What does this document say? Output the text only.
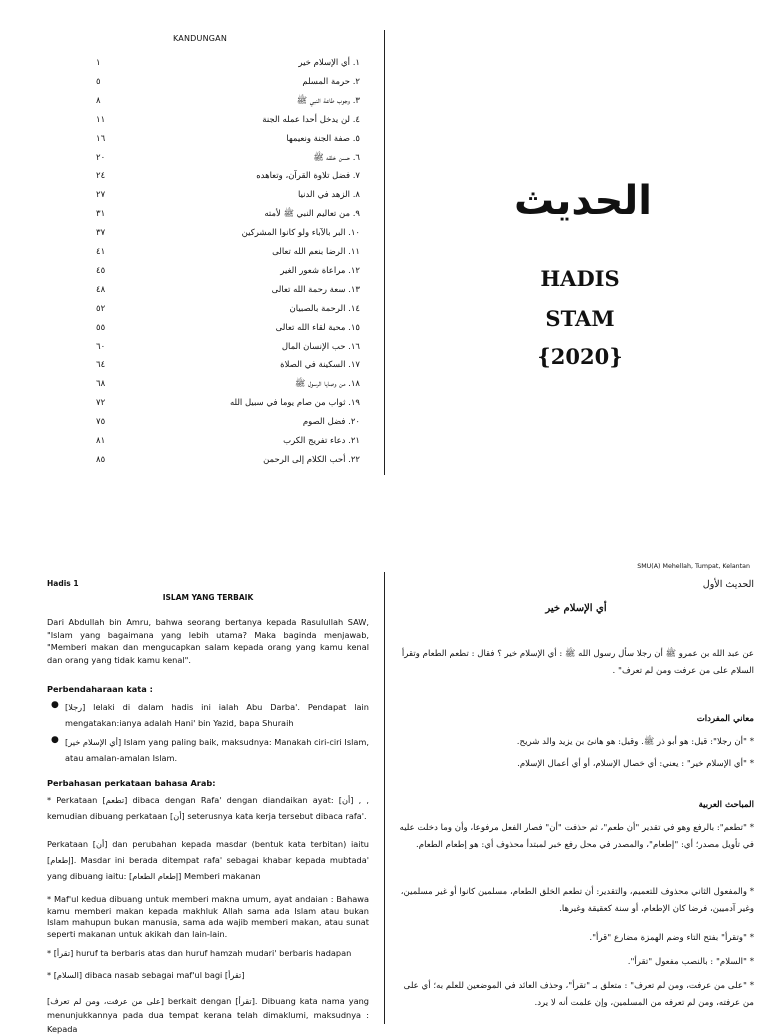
KANDUNGAN
١	١. أي الإسلام خير
٥	٢. حرمة المسلم
٨	٣. وجوب طاعة النبي ﷺ
١١	٤. لن يدخل أحدا عمله الجنة
١٦	٥. صفة الجنة ونعيمها
٢٠	٦. حسن خلقه ﷺ
٢٤	٧. فضل تلاوة القرآن، وتعاهده
٢٧	٨. الزهد في الدنيا
٣١	٩. من تعاليم النبي ﷺ لأمته
٣٧	١٠. البر بالآباء ولو كانوا المشركين
٤١	١١. الرضا بنعم الله تعالى
٤٥	١٢. مراعاة شعور الغير
٤٨	١٣. سعة رحمة الله تعالى
٥٢	١٤. الرحمة بالصبيان
٥٥	١٥. محبة لقاء الله تعالى
٦٠	١٦. حب الإنسان المال
٦٤	١٧. السكينة في الصلاة
٦٨	١٨. من وصايا الرسول ﷺ
٧٢	١٩. ثواب من صام يوما في سبيل الله
٧٥	٢٠. فضل الصوم
٨١	٢١. دعاء تفريج الكرب
٨٥	٢٢. أحب الكلام إلى الرحمن
الحديث
HADIS
STAM
{2020}
Hadis 1
ISLAM YANG TERBAIK
Dari Abdullah bin Amru, bahwa seorang bertanya kepada Rasulullah SAW, "Islam yang bagaimana yang lebih utama? Maka baginda menjawab, "Memberi makan dan mengucapkan salam kepada orang yang kamu kenal dan orang yang tidak kamu kenal".
Perbendaharaan kata :
● [رجلا] lelaki di dalam hadis ini ialah Abu Darba'. Pendapat lain mengatakan:ianya adalah Hani' bin Yazid, bapa Shuraih
● [أي الإسلام خير] Islam yang paling baik, maksudnya: Manakah ciri-ciri Islam, atau amalan-amalan Islam.
Perbahasan perkataan bahasa Arab:
* Perkataan [تطعم] dibaca dengan Rafa' dengan diandaikan ayat: [أن] , , kemudian dibuang perkataan [أن] seterusnya kata kerja tersebut dibaca rafa'.
Perkataan [أن] dan perubahan kepada masdar (bentuk kata terbitan) iaitu [إطعام]. Masdar ini berada ditempat rafa' sebagai khabar kepada mubtada' yang dibuang iaitu: [إطعام الطعام] Memberi makanan
* Maf'ul kedua dibuang untuk memberi makna umum, ayat andaian : Bahawa kamu memberi makan kepada makhluk Allah sama ada Islam atau bukan Islam mahupun bukan manusia, sama ada wajib memberi makan, atau sunat seperti makanan untuk akikah dan lain-lain.
* [تقرأ] huruf ta berbaris atas dan huruf hamzah mudari' berbaris hadapan
* [السلام] dibaca nasab sebagai maf'ul bagi [تقرأ]
[على من عرفت، ومن لم تعرف] berkait dengan [تقرأ]. Dibuang kata nama yang menunjukkannya pada dua tempat kerana telah dimaklumi, maksudnya : Kepada
SMU(A) Mehellah, Tumpat, Kelantan
الحديث الأول
أي الإسلام خير
عن عبد الله بن عمرو ﷺ أن رجلا سأل رسول الله ﷺ : أي الإسلام خير ؟ فقال : تطعم الطعام وتقرأ السلام على من عرفت ومن لم تعرف" .
معاني المفردات
* "أن رجلا": قيل: هو أبو ذر ﷺ. وقيل: هو هانئ بن يزيد والد شريح.
* "أي الإسلام خير" : يعني: أي خصال الإسلام، أو أي أعمال الإسلام.
المباحث العربية
* "تطعم": بالرفع وهو في تقدير "أن طعم"، ثم حذفت "أن" فصار الفعل مرفوعا، وأن وما دخلت عليه في تأويل مصدر؛ أي: "إطعام"، والمصدر في محل رفع خبر لمبتدأ محذوف أي: هو إطعام الطعام.
* والمفعول الثاني محذوف للتعميم، والتقدير: أن تطعم الخلق الطعام، مسلمين كانوا أو غير مسلمين، وغير آدميين، فرضا كان الإطعام، أو سنة كعقيقة وغيرها.
* "وتقرأ" بفتح التاء وضم الهمزة مضارع "قرأ".
* "السلام" : بالنصب مفعول "تقرأ".
* "على من عرفت، ومن لم تعرف" : متعلق بـ "تقرأ"، وحذف العائد في الموضعين للعلم به؛ أي على من عرفته، ومن لم تعرفه من المسلمين، وإن علمت أنه لا يرد.
